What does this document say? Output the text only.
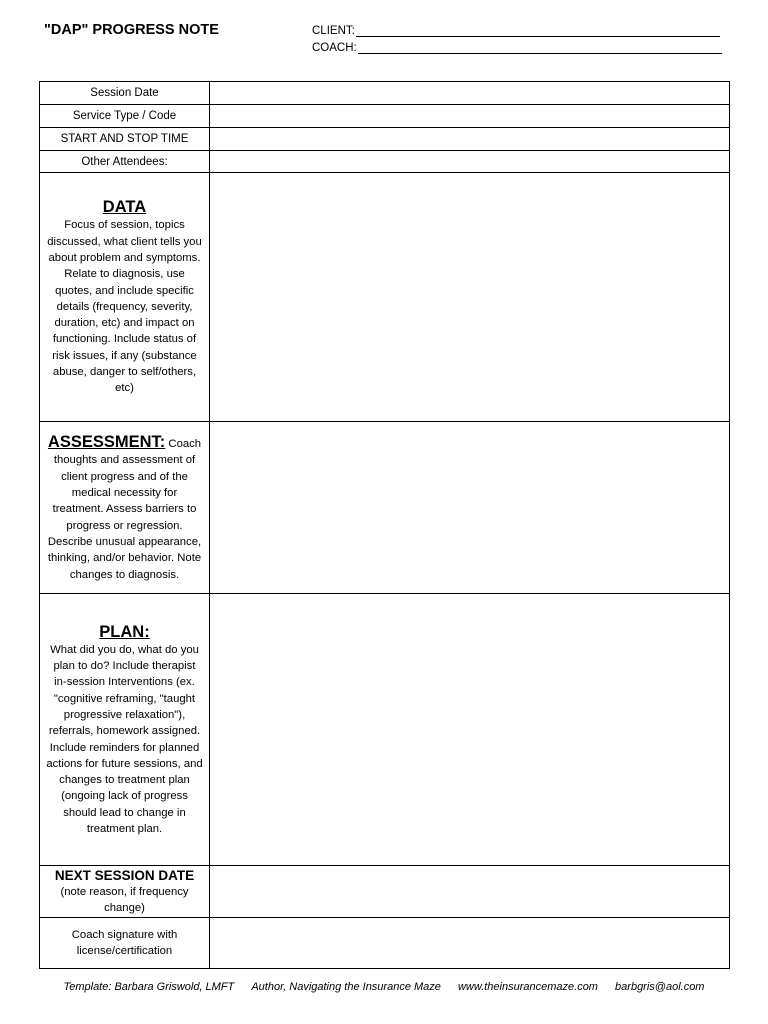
"DAP" PROGRESS NOTE	CLIENT:
COACH:
Session Date	
Service Type / Code	
START AND STOP TIME	
Other Attendees:	

DATA
Focus of session, topics discussed, what client tells you about problem and symptoms. Relate to diagnosis, use quotes, and include specific details (frequency, severity, duration, etc) and impact on functioning. Include status of risk issues, if any (substance abuse, danger to self/others, etc)	

ASSESSMENT: Coach thoughts and assessment of client progress and of the medical necessity for treatment. Assess barriers to progress or regression. Describe unusual appearance, thinking, and/or behavior. Note changes to diagnosis.	

PLAN:
What did you do, what do you plan to do? Include therapist in-session Interventions (ex. "cognitive reframing, "taught progressive relaxation"), referrals, homework assigned. Include reminders for planned actions for future sessions, and changes to treatment plan (ongoing lack of progress should lead to change in treatment plan.	

NEXT SESSION DATE
(note reason, if frequency change)	

Coach signature with license/certification	

Template: Barbara Griswold, LMFT Author, Navigating the Insurance Maze www.theinsurancemaze.com barbgris@aol.com
